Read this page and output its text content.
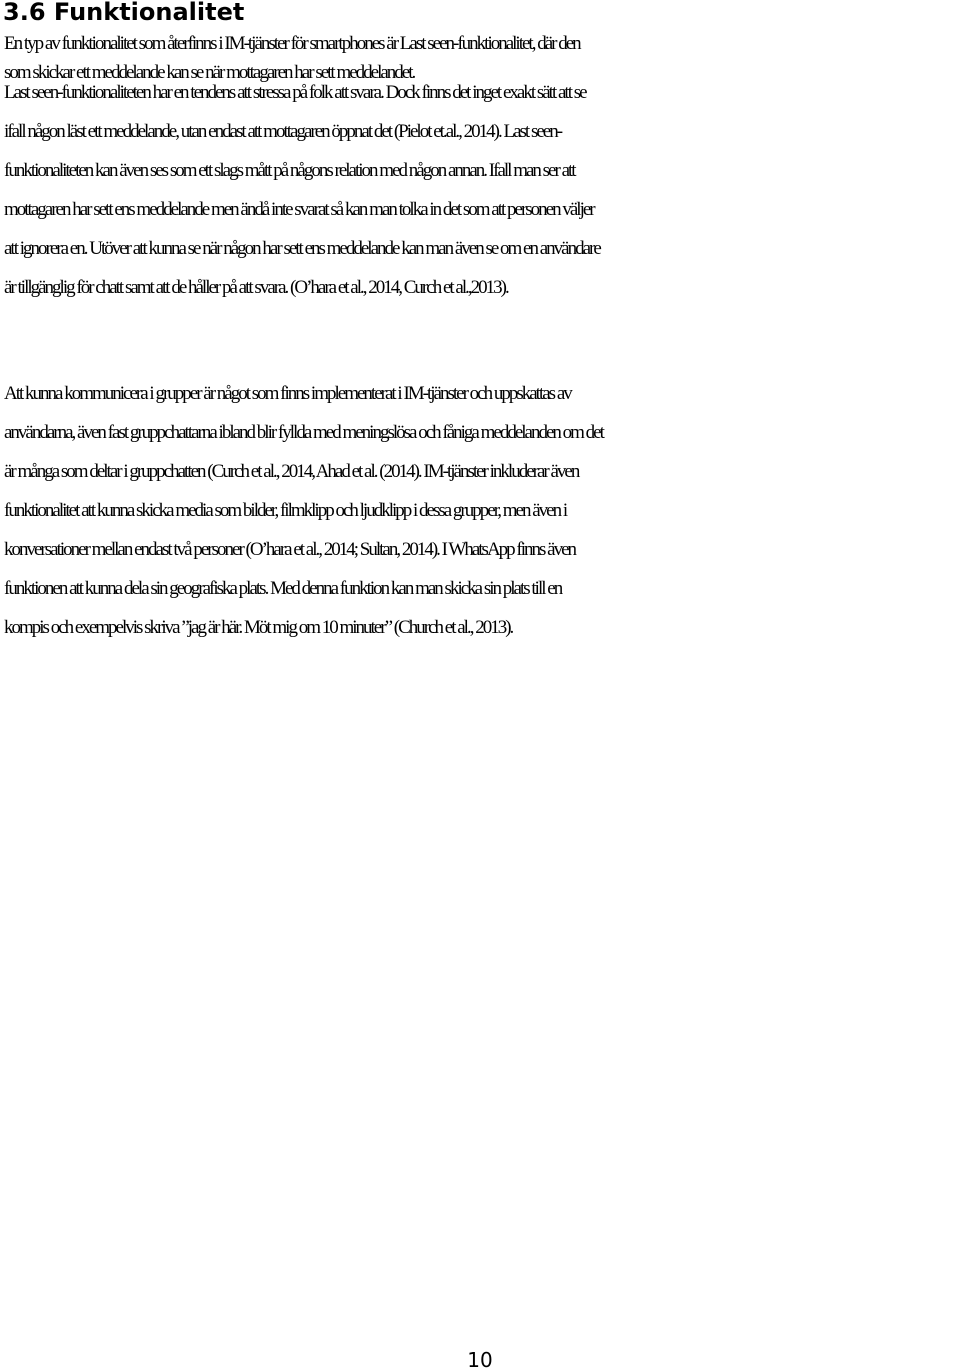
3.6 Funktionalitet

En typ av funktionalitet som återfinns i IM-tjänster för smartphones är Last seen-funktionalitet, där den
som skickar ett meddelande kan se när mottagaren har sett meddelandet.

Last seen-funktionaliteten har en tendens att stressa på folk att svara. Dock finns det inget exakt sätt att se
ifall någon läst ett meddelande, utan endast att mottagaren öppnat det (Pielot et.al., 2014). Last seen-
funktionaliteten kan även ses som ett slags mått på någons relation med någon annan. Ifall man ser att
mottagaren har sett ens meddelande men ändå inte svarat så kan man tolka in det som att personen väljer
att ignorera en. Utöver att kunna se när någon har sett ens meddelande kan man även se om en användare
är tillgänglig för chatt samt att de håller på att svara. (O’hara et al., 2014, Curch et al.,2013).

Att kunna kommunicera i grupper är något som finns implementerat i IM-tjänster och uppskattas av
användarna, även fast gruppchattarna ibland blir fyllda med meningslösa och fåniga meddelanden om det
är många som deltar i gruppchatten (Curch et al., 2014, Ahad et al. (2014). IM-tjänster inkluderar även
funktionalitet att kunna skicka media som bilder, filmklipp och ljudklipp i dessa grupper, men även i
konversationer mellan endast två personer (O’hara et al., 2014; Sultan, 2014). I WhatsApp finns även
funktionen att kunna dela sin geografiska plats. Med denna funktion kan man skicka sin plats till en
kompis och exempelvis skriva ”jag är här. Möt mig om 10 minuter” (Church et al., 2013).

10
